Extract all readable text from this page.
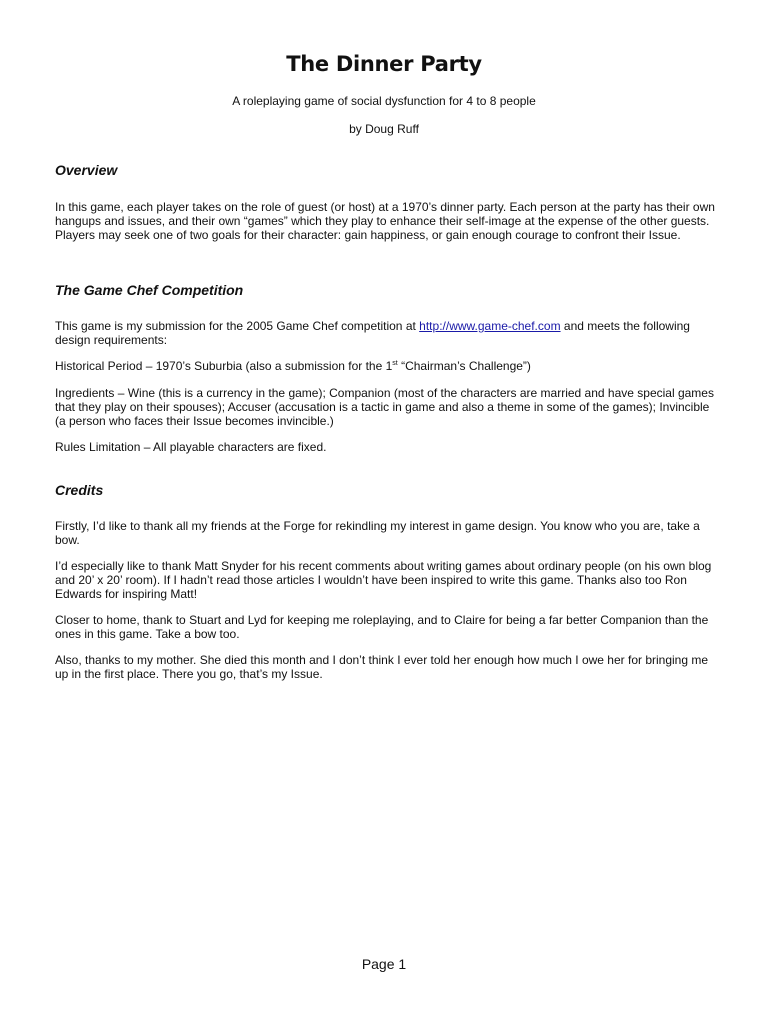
The Dinner Party

A roleplaying game of social dysfunction for 4 to 8 people

by Doug Ruff

Overview

In this game, each player takes on the role of guest (or host) at a 1970’s dinner party. Each person at the party has their own hangups and issues, and their own “games” which they play to enhance their self-image at the expense of the other guests. Players may seek one of two goals for their character: gain happiness, or gain enough courage to confront their Issue.

The Game Chef Competition

This game is my submission for the 2005 Game Chef competition at http://www.game-chef.com and meets the following design requirements:

Historical Period – 1970’s Suburbia (also a submission for the 1st “Chairman’s Challenge”)

Ingredients – Wine (this is a currency in the game); Companion (most of the characters are married and have special games that they play on their spouses); Accuser (accusation is a tactic in game and also a theme in some of the games); Invincible (a person who faces their Issue becomes invincible.)

Rules Limitation – All playable characters are fixed.

Credits

Firstly, I’d like to thank all my friends at the Forge for rekindling my interest in game design. You know who you are, take a bow.

I’d especially like to thank Matt Snyder for his recent comments about writing games about ordinary people (on his own blog and 20’ x 20’ room). If I hadn’t read those articles I wouldn’t have been inspired to write this game. Thanks also too Ron Edwards for inspiring Matt!

Closer to home, thank to Stuart and Lyd for keeping me roleplaying, and to Claire for being a far better Companion than the ones in this game. Take a bow too.

Also, thanks to my mother. She died this month and I don’t think I ever told her enough how much I owe her for bringing me up in the first place. There you go, that’s my Issue.

Page 1
